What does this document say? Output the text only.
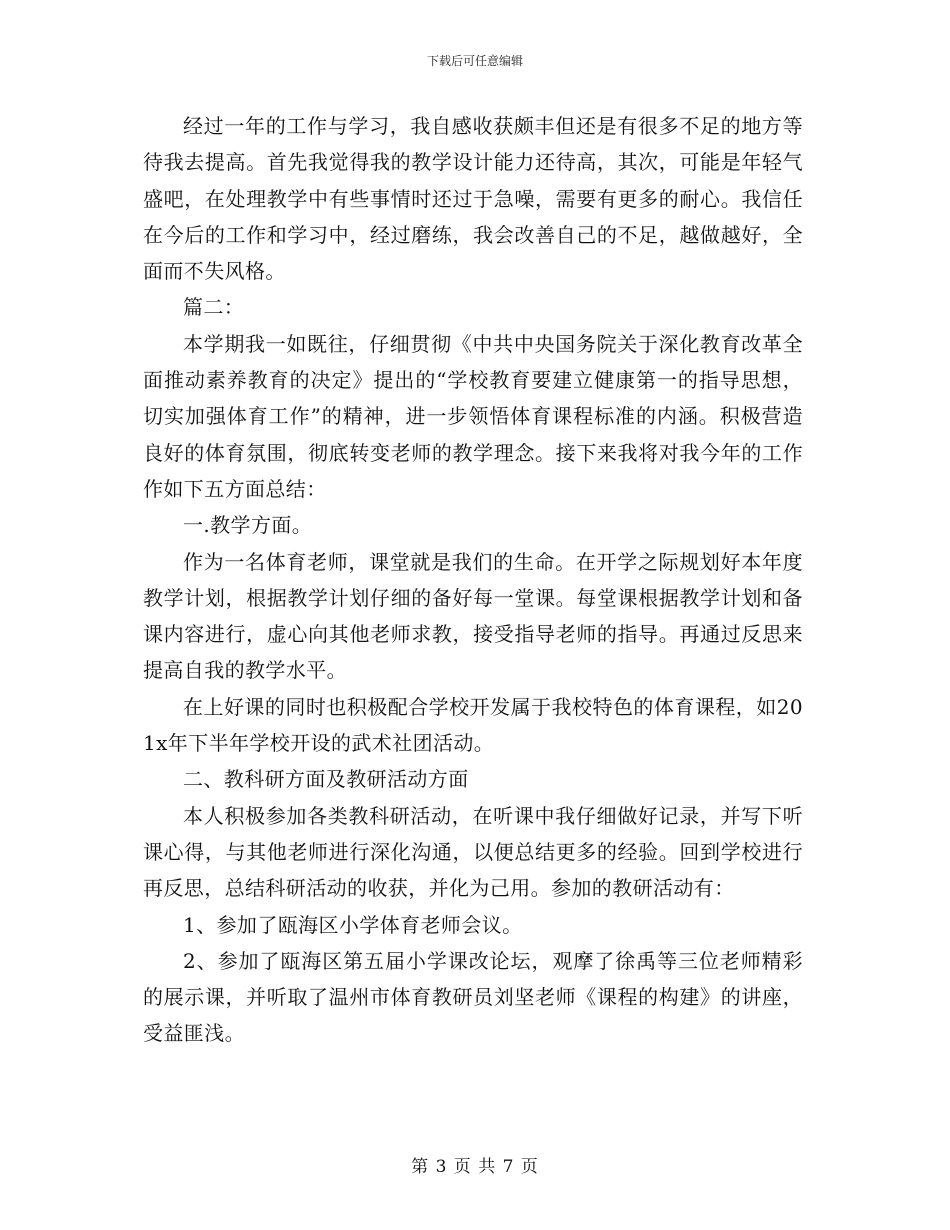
下载后可任意编辑

经过一年的工作与学习，我自感收获颇丰但还是有很多不足的地方等待我去提高。首先我觉得我的教学设计能力还待高，其次，可能是年轻气盛吧，在处理教学中有些事情时还过于急噪，需要有更多的耐心。我信任在今后的工作和学习中，经过磨练，我会改善自己的不足，越做越好，全面而不失风格。

篇二：

本学期我一如既往，仔细贯彻《中共中央国务院关于深化教育改革全面推动素养教育的决定》提出的“学校教育要建立健康第一的指导思想，切实加强体育工作”的精神，进一步领悟体育课程标准的内涵。积极营造良好的体育氛围，彻底转变老师的教学理念。接下来我将对我今年的工作作如下五方面总结：

一.教学方面。

作为一名体育老师，课堂就是我们的生命。在开学之际规划好本年度教学计划，根据教学计划仔细的备好每一堂课。每堂课根据教学计划和备课内容进行，虚心向其他老师求教，接受指导老师的指导。再通过反思来提高自我的教学水平。

在上好课的同时也积极配合学校开发属于我校特色的体育课程，如201x年下半年学校开设的武术社团活动。

二、教科研方面及教研活动方面

本人积极参加各类教科研活动，在听课中我仔细做好记录，并写下听课心得，与其他老师进行深化沟通，以便总结更多的经验。回到学校进行再反思，总结科研活动的收获，并化为己用。参加的教研活动有：

1、参加了瓯海区小学体育老师会议。

2、参加了瓯海区第五届小学课改论坛，观摩了徐禹等三位老师精彩的展示课，并听取了温州市体育教研员刘坚老师《课程的构建》的讲座，受益匪浅。

第 3 页 共 7 页
